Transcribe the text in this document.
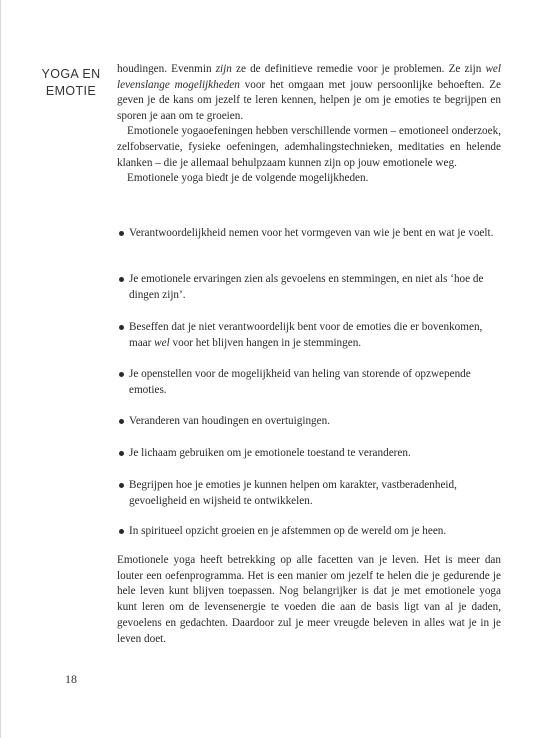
YOGA EN
EMOTIE

houdingen. Evenmin zijn ze de definitieve remedie voor je problemen. Ze zijn wel levenslange mogelijkheden voor het omgaan met jouw persoonlijke behoeften. Ze geven je de kans om jezelf te leren kennen, helpen je om je emoties te begrijpen en sporen je aan om te groeien.

Emotionele yogaoefeningen hebben verschillende vormen – emotioneel onderzoek, zelfobservatie, fysieke oefeningen, ademhalingstechnieken, meditaties en helende klanken – die je allemaal behulpzaam kunnen zijn op jouw emotionele weg.

Emotionele yoga biedt je de volgende mogelijkheden.

Verantwoordelijkheid nemen voor het vormgeven van wie je bent en wat je voelt.
Je emotionele ervaringen zien als gevoelens en stemmingen, en niet als ‘hoe de dingen zijn’.
Beseffen dat je niet verantwoordelijk bent voor de emoties die er bovenkomen, maar wel voor het blijven hangen in je stemmingen.
Je openstellen voor de mogelijkheid van heling van storende of opzwepende emoties.
Veranderen van houdingen en overtuigingen.
Je lichaam gebruiken om je emotionele toestand te veranderen.
Begrijpen hoe je emoties je kunnen helpen om karakter, vastberadenheid, gevoeligheid en wijsheid te ontwikkelen.
In spiritueel opzicht groeien en je afstemmen op de wereld om je heen.

Emotionele yoga heeft betrekking op alle facetten van je leven. Het is meer dan louter een oefenprogramma. Het is een manier om jezelf te helen die je gedurende je hele leven kunt blijven toepassen. Nog belangrijker is dat je met emotionele yoga kunt leren om de levensenergie te voeden die aan de basis ligt van al je daden, gevoelens en gedachten. Daardoor zul je meer vreugde beleven in alles wat je in je leven doet.

18
